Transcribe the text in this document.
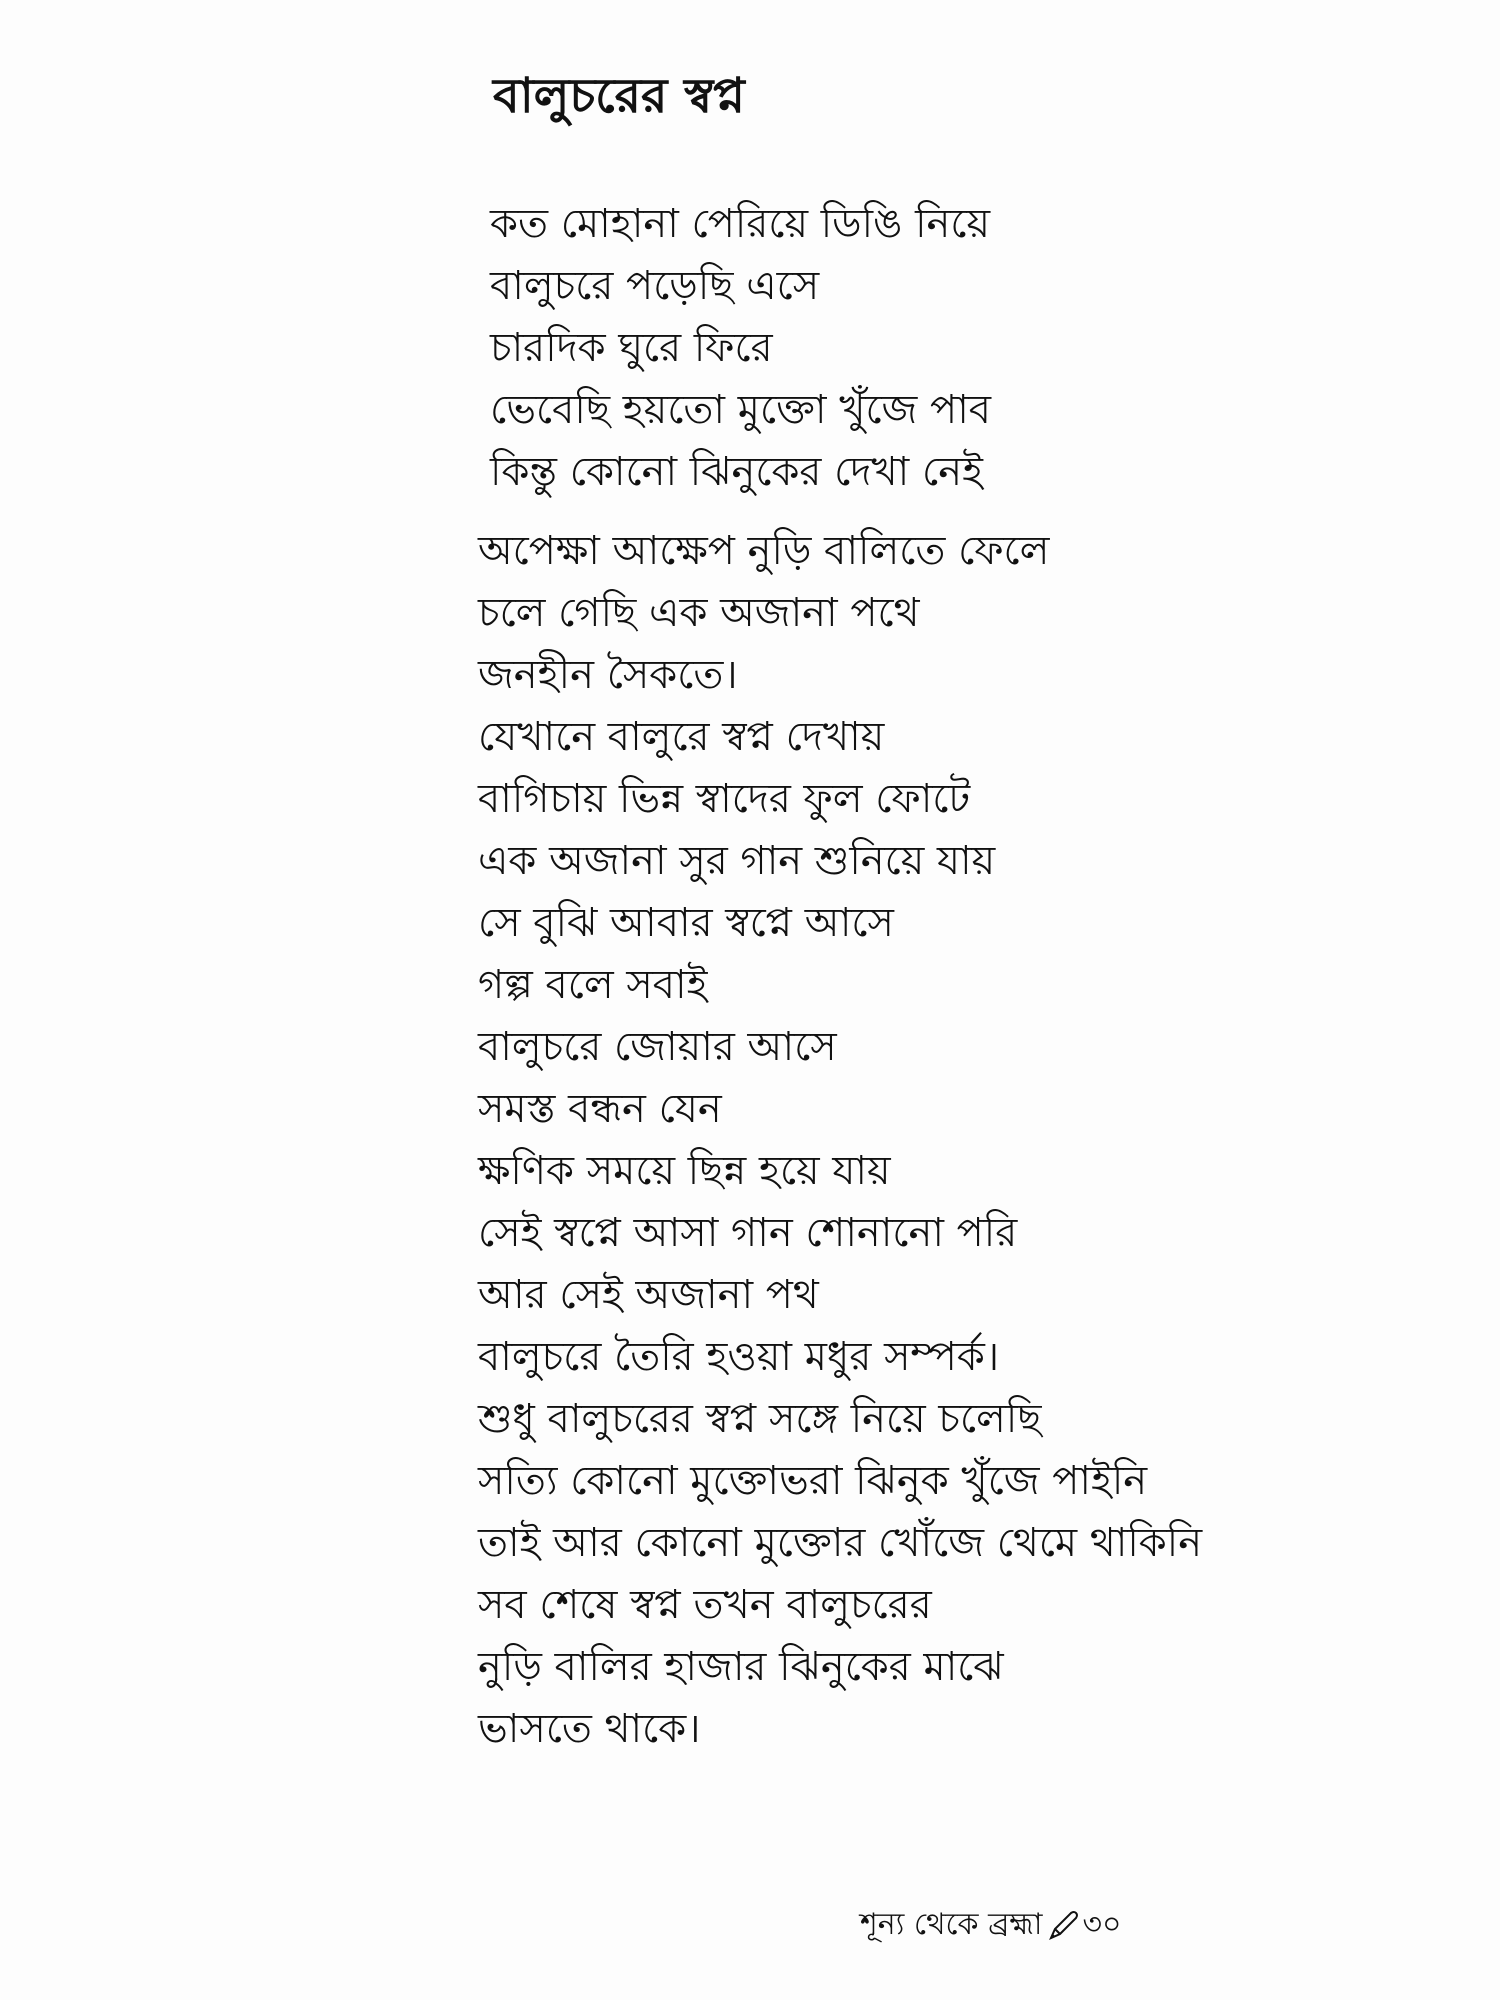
বালুচরের স্বপ্ন
কত মোহানা পেরিয়ে ডিঙি নিয়ে
বালুচরে পড়েছি এসে
চারদিক ঘুরে ফিরে
ভেবেছি হয়তো মুক্তো খুঁজে পাব
কিন্তু কোনো ঝিনুকের দেখা নেই
অপেক্ষা আক্ষেপ নুড়ি বালিতে ফেলে
চলে গেছি এক অজানা পথে
জনহীন সৈকতে।
যেখানে বালুরে স্বপ্ন দেখায়
বাগিচায় ভিন্ন স্বাদের ফুল ফোটে
এক অজানা সুর গান শুনিয়ে যায়
সে বুঝি আবার স্বপ্নে আসে
গল্প বলে সবাই
বালুচরে জোয়ার আসে
সমস্ত বন্ধন যেন
ক্ষণিক সময়ে ছিন্ন হয়ে যায়
সেই স্বপ্নে আসা গান শোনানো পরি
আর সেই অজানা পথ
বালুচরে তৈরি হওয়া মধুর সম্পর্ক।
শুধু বালুচরের স্বপ্ন সঙ্গে নিয়ে চলেছি
সত্যি কোনো মুক্তোভরা ঝিনুক খুঁজে পাইনি
তাই আর কোনো মুক্তোর খোঁজে থেমে থাকিনি
সব শেষে স্বপ্ন তখন বালুচরের
নুড়ি বালির হাজার ঝিনুকের মাঝে
ভাসতে থাকে।
শূন্য থেকে ব্রহ্মা ৩০
